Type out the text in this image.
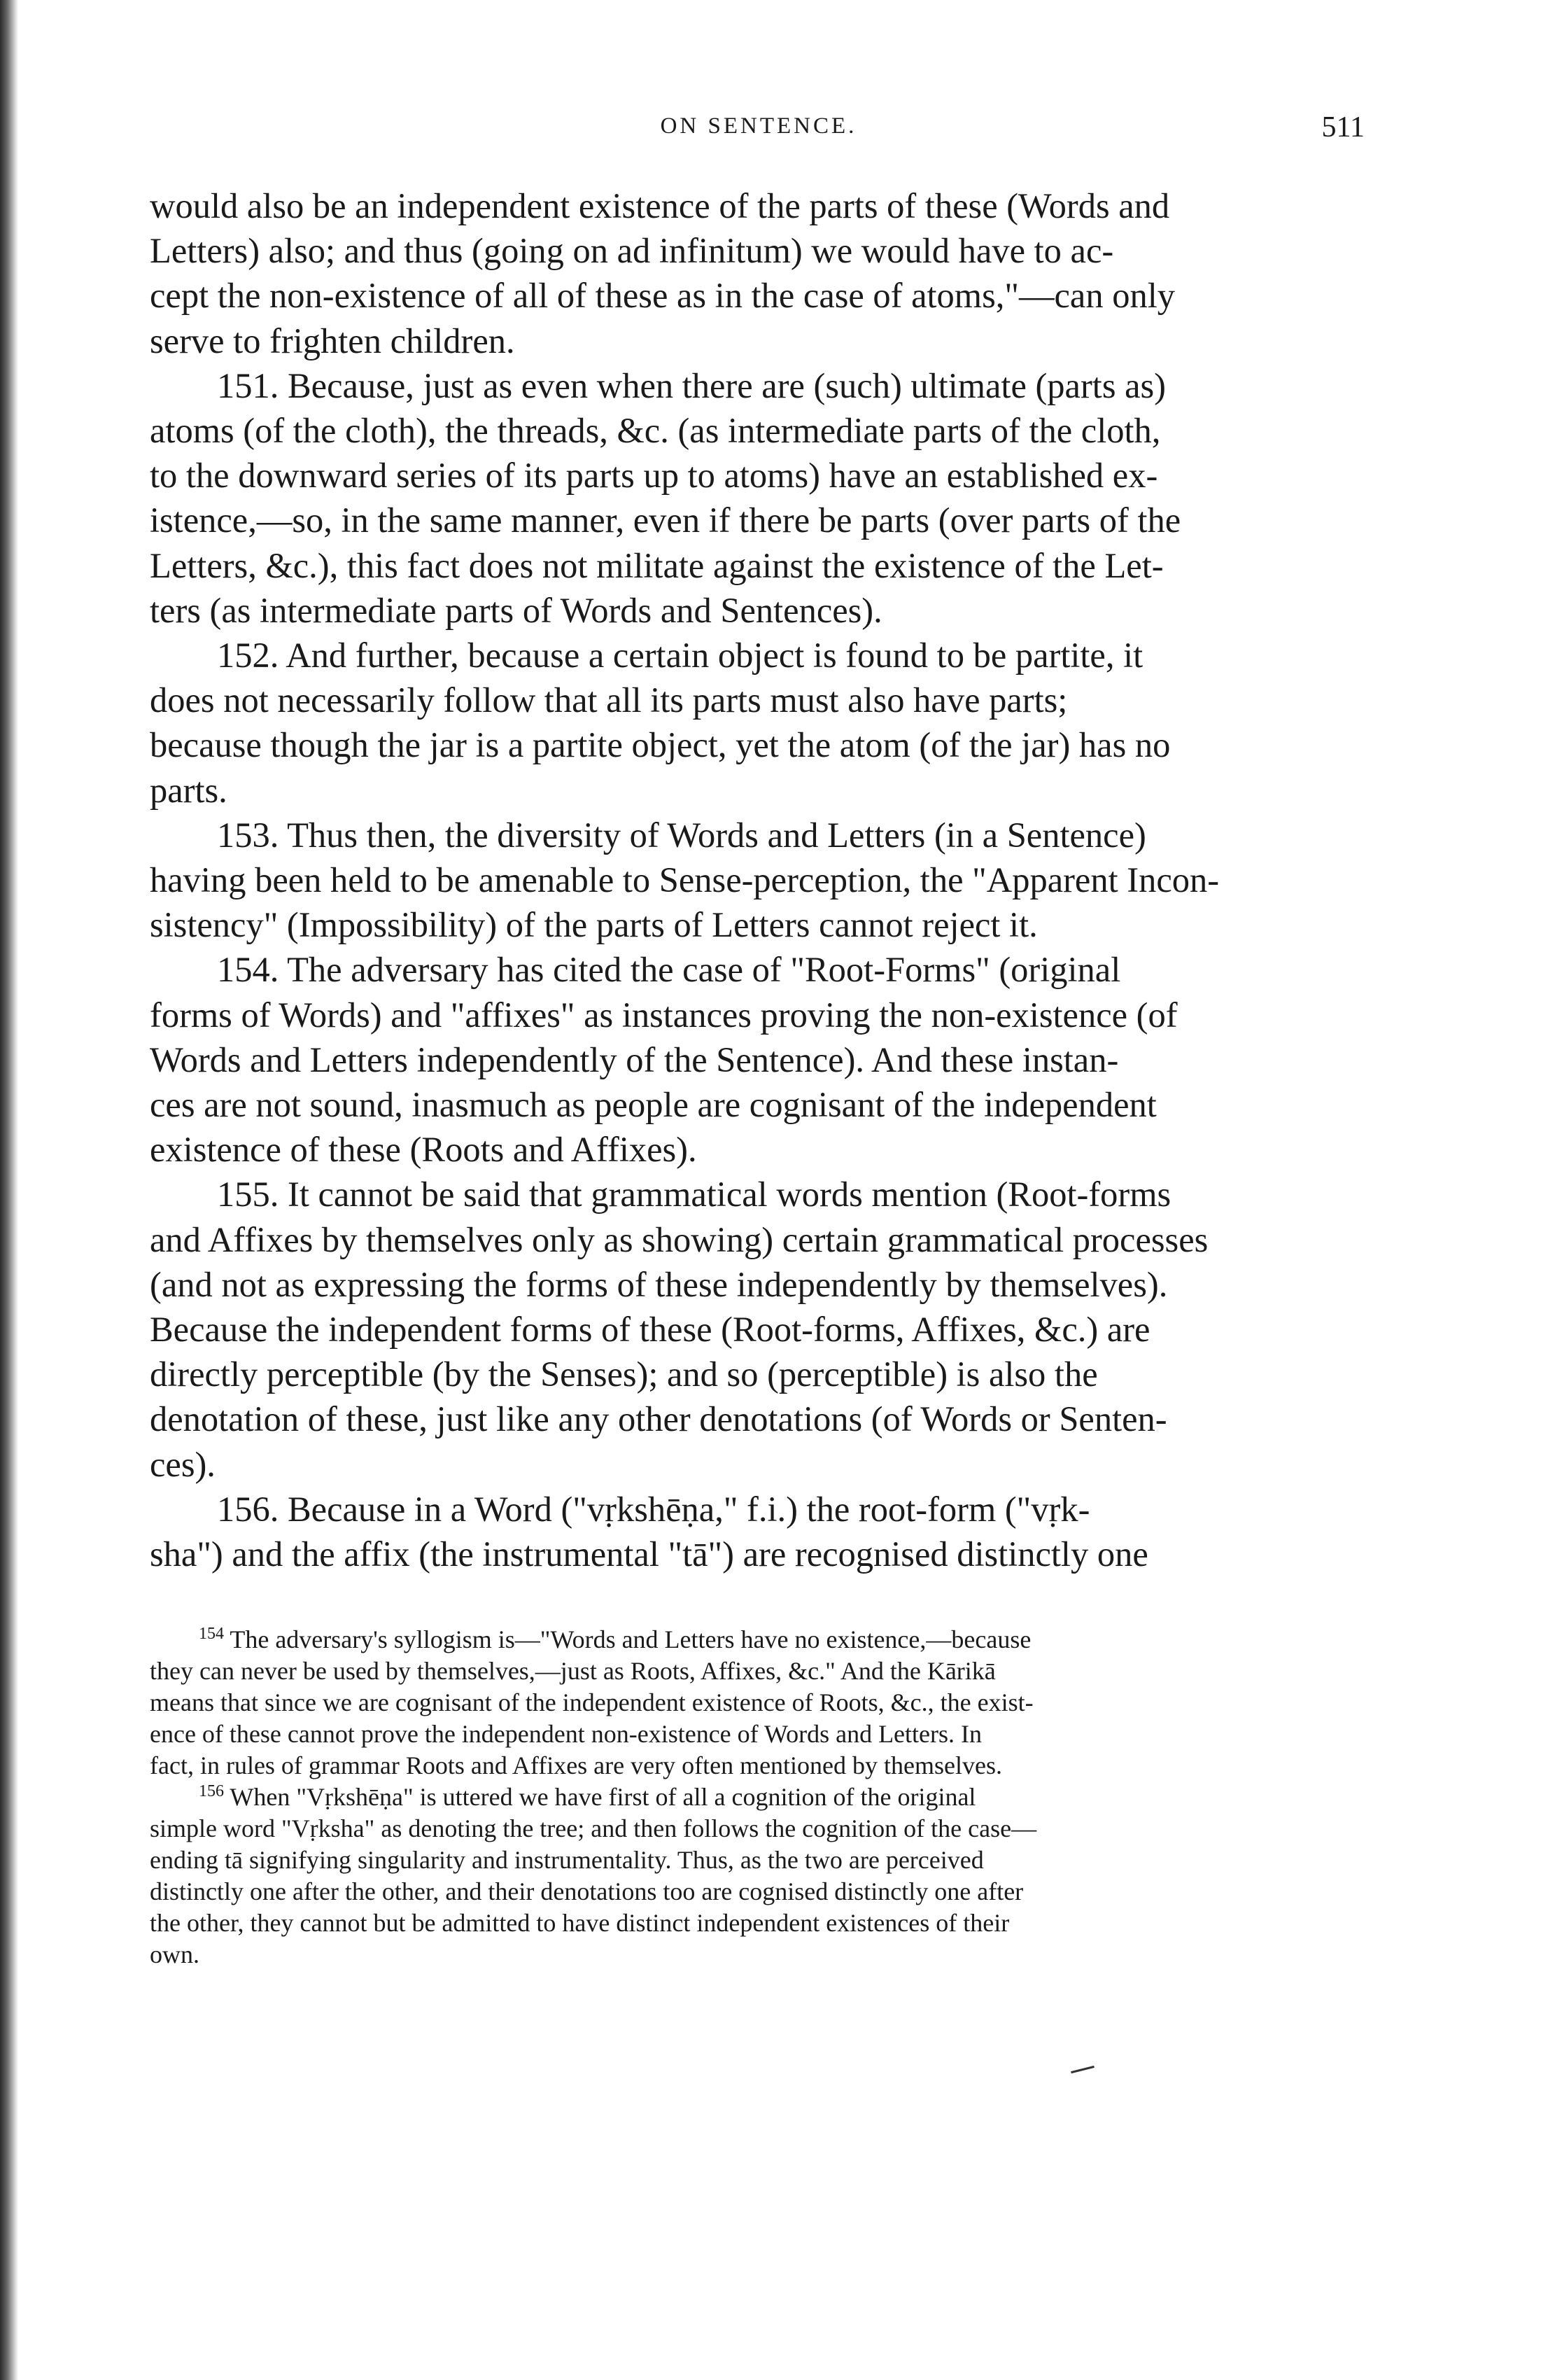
ON SENTENCE.	511
would also be an independent existence of the parts of these (Words and
Letters) also; and thus (going on ad infinitum) we would have to ac-
cept the non-existence of all of these as in the case of atoms,"—can only
serve to frighten children.
151. Because, just as even when there are (such) ultimate (parts as)
atoms (of the cloth), the threads, &c. (as intermediate parts of the cloth,
to the downward series of its parts up to atoms) have an established ex-
istence,—so, in the same manner, even if there be parts (over parts of the
Letters, &c.), this fact does not militate against the existence of the Let-
ters (as intermediate parts of Words and Sentences).
152. And further, because a certain object is found to be partite, it
does not necessarily follow that all its parts must also have parts;
because though the jar is a partite object, yet the atom (of the jar) has no
parts.
153. Thus then, the diversity of Words and Letters (in a Sentence)
having been held to be amenable to Sense-perception, the "Apparent Incon-
sistency" (Impossibility) of the parts of Letters cannot reject it.
154. The adversary has cited the case of "Root-Forms" (original
forms of Words) and "affixes" as instances proving the non-existence (of
Words and Letters independently of the Sentence). And these instan-
ces are not sound, inasmuch as people are cognisant of the independent
existence of these (Roots and Affixes).
155. It cannot be said that grammatical words mention (Root-forms
and Affixes by themselves only as showing) certain grammatical processes
(and not as expressing the forms of these independently by themselves).
Because the independent forms of these (Root-forms, Affixes, &c.) are
directly perceptible (by the Senses); and so (perceptible) is also the
denotation of these, just like any other denotations (of Words or Senten-
ces).
156. Because in a Word ("vṛkshēṇa," f.i.) the root-form ("vṛk-
sha") and the affix (the instrumental "tā") are recognised distinctly one
$^{154}$ The adversary's syllogism is—"Words and Letters have no existence,—because
they can never be used by themselves,—just as Roots, Affixes, &c." And the Kārikā
means that since we are cognisant of the independent existence of Roots, &c., the exist-
ence of these cannot prove the independent non-existence of Words and Letters. In
fact, in rules of grammar Roots and Affixes are very often mentioned by themselves.
$^{156}$ When "Vṛkshēṇa" is uttered we have first of all a cognition of the original
simple word "Vṛksha" as denoting the tree; and then follows the cognition of the case—
ending tā signifying singularity and instrumentality. Thus, as the two are perceived
distinctly one after the other, and their denotations too are cognised distinctly one after
the other, they cannot but be admitted to have distinct independent existences of their
own.
